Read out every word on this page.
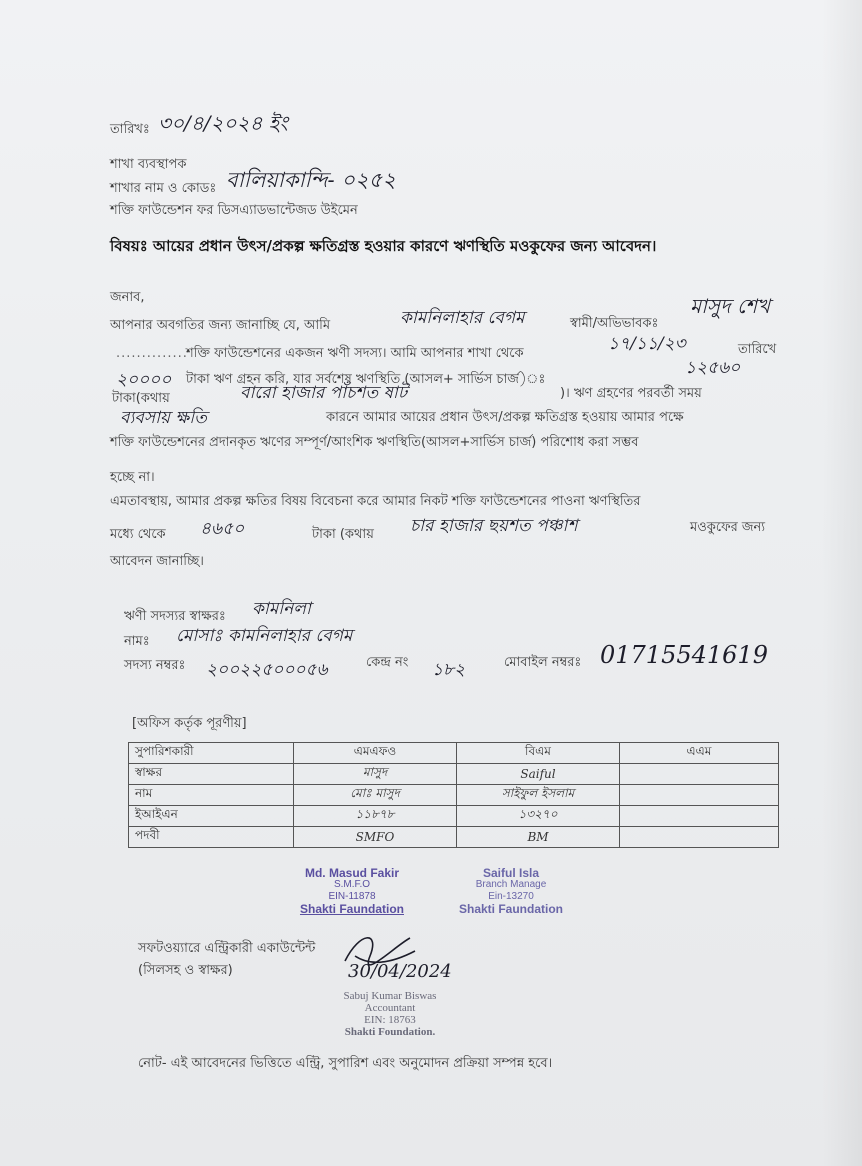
তারিখঃ ৩০/৪/২০২৪ ইং
শাখা ব্যবস্থাপক
শাখার নাম ও কোডঃ বালিয়াকান্দি- ০২৫২
শক্তি ফাউন্ডেশন ফর ডিসএ্যাডভান্টেজড উইমেন
বিষয়ঃ আয়ের প্রধান উৎস/প্রকল্প ক্ষতিগ্রস্ত হওয়ার কারণে ঋণস্থিতি মওকুফের জন্য আবেদন।
জনাব,
আপনার অবগতির জন্য জানাচ্ছি যে, আমি	কামনিলাহার বেগম	স্বামী/অভিভাবকঃ
মাসুদ শেখ
..............
শক্তি ফাউন্ডেশনের একজন ঋণী সদস্য। আমি আপনার শাখা থেকে	১৭/১১/২৩	তারিখে
২০০০০ টাকা ঋণ গ্রহন করি, যার সর্বশেষ ঋণস্থিতি (আসল+ সার্ভিস চার্জ)ঃ
১২৫৬০
টাকা(কথায়	বারো হাজার পাঁচশত ষাট	)। ঋণ গ্রহণের পরবর্তী সময়
ব্যবসায় ক্ষতি	কারনে আমার আয়ের প্রধান উৎস/প্রকল্প ক্ষতিগ্রস্ত হওয়ায় আমার পক্ষে
শক্তি ফাউন্ডেশনের প্রদানকৃত ঋণের সম্পূর্ণ/আংশিক ঋণস্থিতি(আসল+সার্ভিস চার্জ) পরিশোধ করা সম্ভব
হচ্ছে না।
এমতাবস্থায়, আমার প্রকল্প ক্ষতির বিষয় বিবেচনা করে আমার নিকট শক্তি ফাউন্ডেশনের পাওনা ঋণস্থিতির
মধ্যে থেকে ৪৬৫০	টাকা (কথায় চার হাজার ছয়শত পঞ্চাশ	মওকুফের জন্য
আবেদন জানাচ্ছি।
ঋণী সদস্যর স্বাক্ষরঃ কামনিলা
নামঃ মোসাঃ কামনিলাহার বেগম
সদস্য নম্বরঃ ২০০২২৫০০০৫৬	কেন্দ্র নং ১৮২	মোবাইল নম্বরঃ 01715541619
[অফিস কর্তৃক পূরণীয়]
সুপারিশকারী	এমএফও	বিএম	এএম
স্বাক্ষর	মাসুদ	Saiful	
নাম	মোঃ মাসুদ	সাইফুল ইসলাম	
ইআইএন	১১৮৭৮	১৩২৭০	
পদবী	SMFO	BM	
Md. Masud Fakir
S.M.F.O
EIN-11878
Shakti Faundation
Saiful Isla
Branch Manage
Ein-13270
Shakti Faundation
সফটওয়্যারে এন্ট্রিকারী একাউন্টেন্ট
(সিলসহ ও স্বাক্ষর)	30/04/2024
Sabuj Kumar Biswas
Accountant
EIN: 18763
Shakti Foundation.
নোট- এই আবেদনের ভিত্তিতে এন্ট্রি, সুপারিশ এবং অনুমোদন প্রক্রিয়া সম্পন্ন হবে।
